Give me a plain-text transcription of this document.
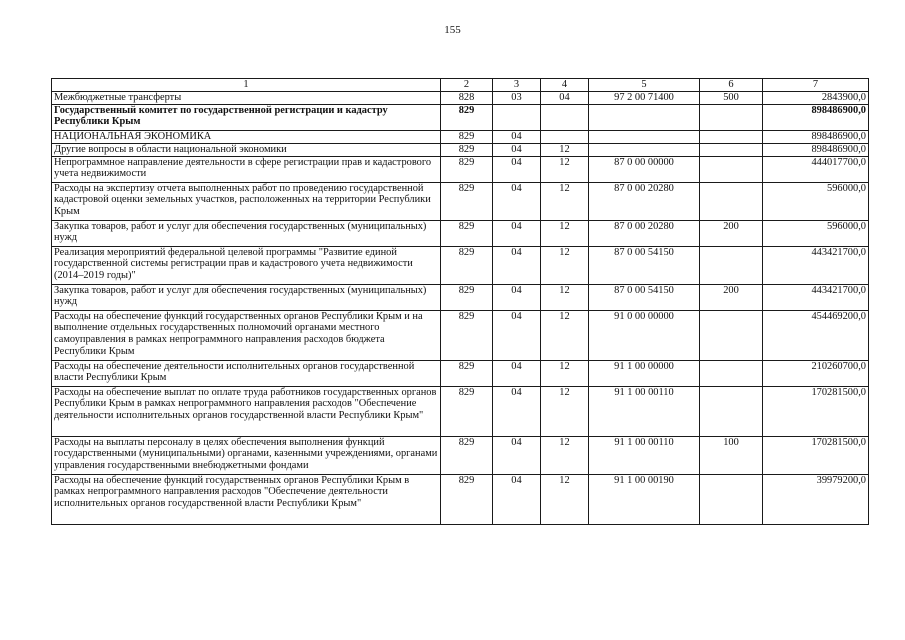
155
1	2	3	4	5	6	7
Межбюджетные трансферты	828	03	04	97 2 00 71400	500	2843900,0
Государственный комитет по государственной регистрации и кадастру Республики Крым	829					898486900,0
НАЦИОНАЛЬНАЯ ЭКОНОМИКА	829	04				898486900,0
Другие вопросы в области национальной экономики	829	04	12			898486900,0
Непрограммное направление деятельности в сфере регистрации прав и кадастрового учета недвижимости	829	04	12	87 0 00 00000		444017700,0
Расходы на экспертизу отчета выполненных работ по проведению государственной кадастровой оценки земельных участков, расположенных на территории Республики Крым	829	04	12	87 0 00 20280		596000,0
Закупка товаров, работ и услуг для обеспечения государственных (муниципальных) нужд	829	04	12	87 0 00 20280	200	596000,0
Реализация мероприятий федеральной целевой программы "Развитие единой государственной системы регистрации прав и кадастрового учета недвижимости (2014–2019 годы)"	829	04	12	87 0 00 54150		443421700,0
Закупка товаров, работ и услуг для обеспечения государственных (муниципальных) нужд	829	04	12	87 0 00 54150	200	443421700,0
Расходы на обеспечение функций государственных органов Республики Крым и на выполнение отдельных государственных полномочий органами местного самоуправления в рамках непрограммного направления расходов бюджета Республики Крым	829	04	12	91 0 00 00000		454469200,0
Расходы на обеспечение деятельности исполнительных органов государственной власти Республики Крым	829	04	12	91 1 00 00000		210260700,0
Расходы на обеспечение выплат по оплате труда работников государственных органов Республики Крым в рамках непрограммного направления расходов "Обеспечение деятельности исполнительных органов государственной власти Республики Крым"	829	04	12	91 1 00 00110		170281500,0
Расходы на выплаты персоналу в целях обеспечения выполнения функций государственными (муниципальными) органами, казенными учреждениями, органами управления государственными внебюджетными фондами	829	04	12	91 1 00 00110	100	170281500,0
Расходы на обеспечение функций государственных органов Республики Крым в рамках непрограммного направления расходов "Обеспечение деятельности исполнительных органов государственной власти Республики Крым"	829	04	12	91 1 00 00190		39979200,0
